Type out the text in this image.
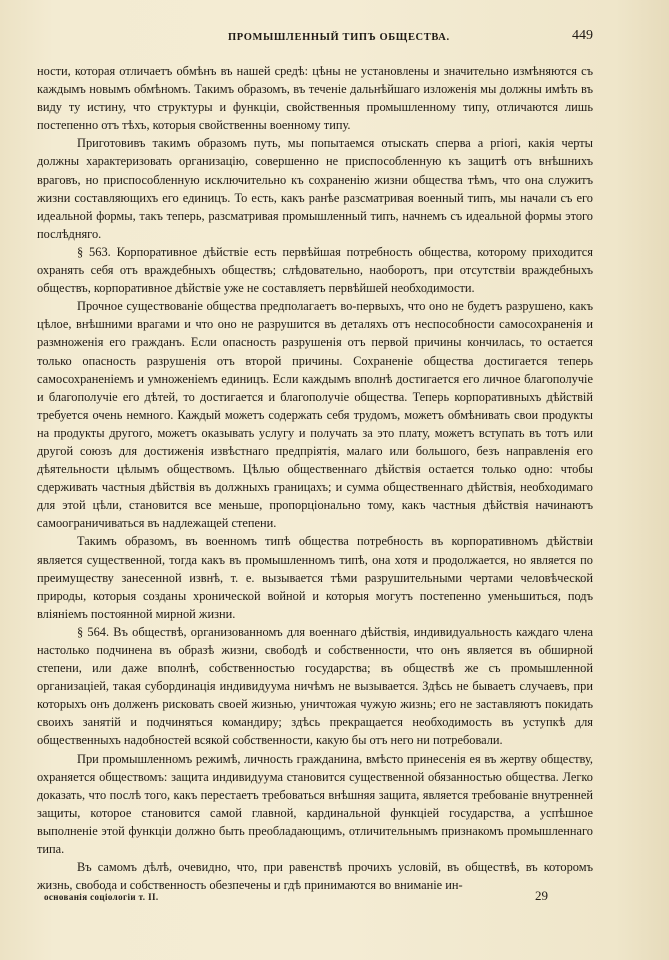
ПРОМЫШЛЕННЫЙ ТИПЪ ОБЩЕСТВА.	449

ности, которая отличаетъ обмѣнъ въ нашей средѣ: цѣны не установлены и значительно измѣняются съ каждымъ новымъ обмѣномъ. Такимъ образомъ, въ теченіе дальнѣйшаго изложенія мы должны имѣть въ виду ту истину, что структуры и функціи, свойственныя промышленному типу, отличаются лишь постепенно отъ тѣхъ, которыя свойственны военному типу.

Приготовивъ такимъ образомъ путь, мы попытаемся отыскать сперва a priori, какія черты должны характеризовать организацію, совершенно не приспособленную къ защитѣ отъ внѣшнихъ враговъ, но приспособленную исключительно къ сохраненію жизни общества тѣмъ, что она служитъ жизни составляющихъ его единицъ. То есть, какъ ранѣе разсматривая военный типъ, мы начали съ его идеальной формы, такъ теперь, разсматривая промышленный типъ, начнемъ съ идеальной формы этого послѣдняго.

§ 563. Корпоративное дѣйствіе есть первѣйшая потребность общества, которому приходится охранять себя отъ враждебныхъ обществъ; слѣдовательно, наоборотъ, при отсутствіи враждебныхъ обществъ, корпоративное дѣйствіе уже не составляетъ первѣйшей необходимости.

Прочное существованіе общества предполагаетъ во-первыхъ, что оно не будетъ разрушено, какъ цѣлое, внѣшними врагами и что оно не разрушится въ деталяхъ отъ неспособности самосохраненія и размноженія его гражданъ. Если опасность разрушенія отъ первой причины кончилась, то остается только опасность разрушенія отъ второй причины. Сохраненіе общества достигается теперь самосохраненіемъ и умноженіемъ единицъ. Если каждымъ вполнѣ достигается его личное благополучіе и благополучіе его дѣтей, то достигается и благополучіе общества. Теперь корпоративныхъ дѣйствій требуется очень немного. Каждый можетъ содержать себя трудомъ, можетъ обмѣнивать свои продукты на продукты другого, можетъ оказывать услугу и получать за это плату, можетъ вступать въ тотъ или другой союзъ для достиженія извѣстнаго предпріятія, малаго или большого, безъ направленія его дѣятельности цѣлымъ обществомъ. Цѣлью общественнаго дѣйствія остается только одно: чтобы сдерживать частныя дѣйствія въ должныхъ границахъ; и сумма общественнаго дѣйствія, необходимаго для этой цѣли, становится все меньше, пропорціонально тому, какъ частныя дѣйствія начинаютъ самоограничиваться въ надлежащей степени.

Такимъ образомъ, въ военномъ типѣ общества потребность въ корпоративномъ дѣйствіи является существенной, тогда какъ въ промышленномъ типѣ, она хотя и продолжается, но является по преимуществу занесенной извнѣ, т. е. вызывается тѣми разрушительными чертами человѣческой природы, которыя созданы хронической войной и которыя могутъ постепенно уменьшиться, подъ вліяніемъ постоянной мирной жизни.

§ 564. Въ обществѣ, организованномъ для военнаго дѣйствія, индивидуальность каждаго члена настолько подчинена въ образѣ жизни, свободѣ и собственности, что онъ является въ обширной степени, или даже вполнѣ, собственностью государства; въ обществѣ же съ промышленной организаціей, такая субординація индивидуума ничѣмъ не вызывается. Здѣсь не бываетъ случаевъ, при которыхъ онъ долженъ рисковать своей жизнью, уничтожая чужую жизнь; его не заставляютъ покидать своихъ занятій и подчиняться командиру; здѣсь прекращается необходимость въ уступкѣ для общественныхъ надобностей всякой собственности, какую бы отъ него ни потребовали.

При промышленномъ режимѣ, личность гражданина, вмѣсто принесенія ея въ жертву обществу, охраняется обществомъ: защита индивидуума становится существенной обязанностью общества. Легко доказать, что послѣ того, какъ перестаетъ требоваться внѣшняя защита, является требованіе внутренней защиты, которое становится самой главной, кардинальной функціей государства, а успѣшное выполненіе этой функціи должно быть преобладающимъ, отличительнымъ признакомъ промышленнаго типа.

Въ самомъ дѣлѣ, очевидно, что, при равенствѣ прочихъ условій, въ обществѣ, въ которомъ жизнь, свобода и собственность обезпечены и гдѣ принимаются во вниманіе ин-

основанія соціологіи т. II.	29
